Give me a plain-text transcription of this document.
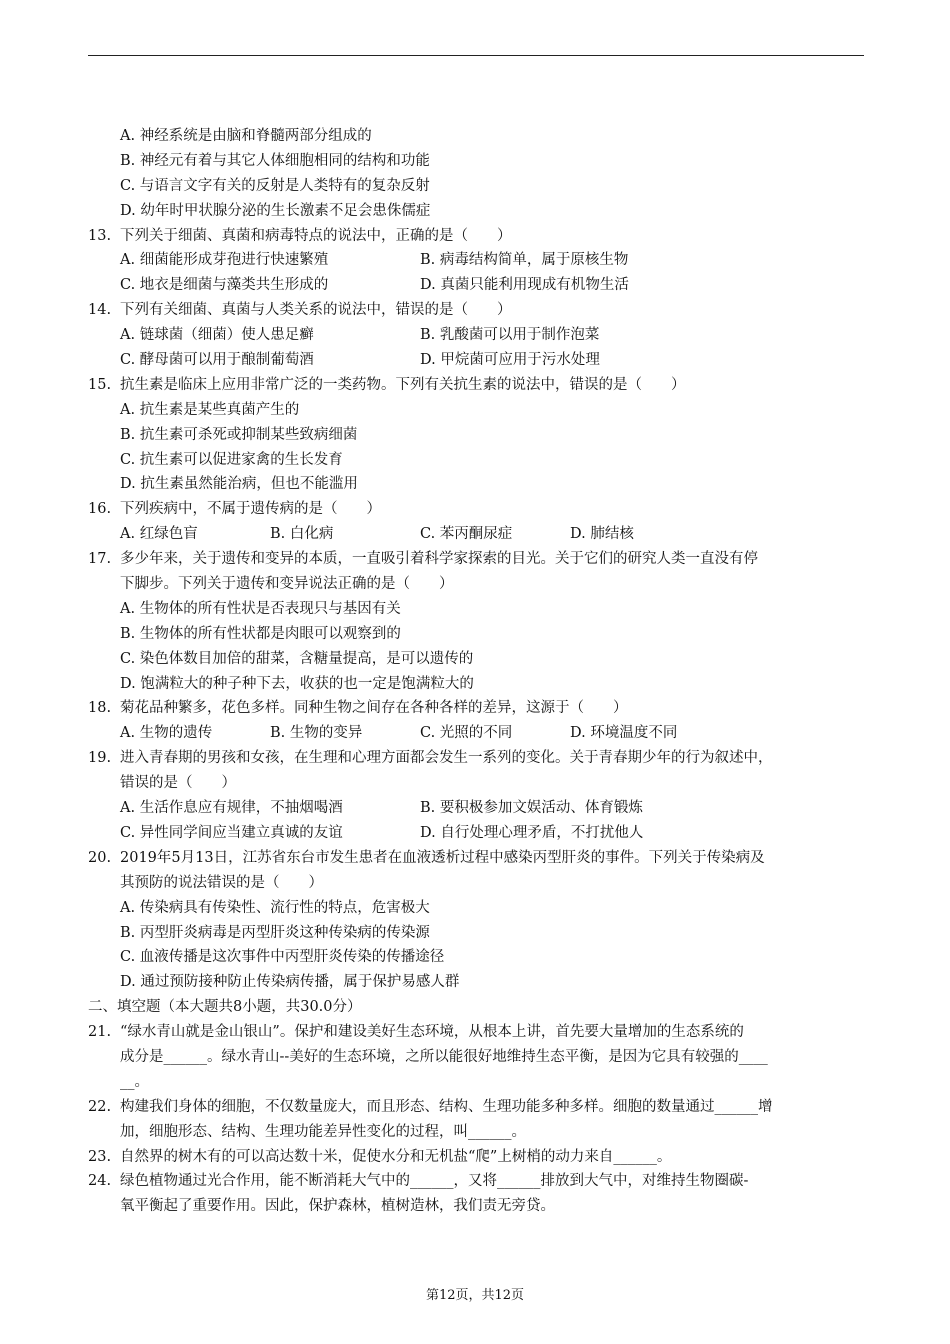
A. 神经系统是由脑和脊髓两部分组成的
B. 神经元有着与其它人体细胞相同的结构和功能
C. 与语言文字有关的反射是人类特有的复杂反射
D. 幼年时甲状腺分泌的生长激素不足会患侏儒症
13. 下列关于细菌、真菌和病毒特点的说法中，正确的是（　　）
A. 细菌能形成芽孢进行快速繁殖	B. 病毒结构简单，属于原核生物
C. 地衣是细菌与藻类共生形成的	D. 真菌只能利用现成有机物生活
14. 下列有关细菌、真菌与人类关系的说法中，错误的是（　　）
A. 链球菌（细菌）使人患足癣	B. 乳酸菌可以用于制作泡菜
C. 酵母菌可以用于酿制葡萄酒	D. 甲烷菌可应用于污水处理
15. 抗生素是临床上应用非常广泛的一类药物。下列有关抗生素的说法中，错误的是（　　）
A. 抗生素是某些真菌产生的
B. 抗生素可杀死或抑制某些致病细菌
C. 抗生素可以促进家禽的生长发育
D. 抗生素虽然能治病，但也不能滥用
16. 下列疾病中，不属于遗传病的是（　　）
A. 红绿色盲	B. 白化病	C. 苯丙酮尿症	D. 肺结核
17. 多少年来，关于遗传和变异的本质，一直吸引着科学家探索的目光。关于它们的研究人类一直没有停
下脚步。下列关于遗传和变异说法正确的是（　　）
A. 生物体的所有性状是否表现只与基因有关
B. 生物体的所有性状都是肉眼可以观察到的
C. 染色体数目加倍的甜菜，含糖量提高，是可以遗传的
D. 饱满粒大的种子种下去，收获的也一定是饱满粒大的
18. 菊花品种繁多，花色多样。同种生物之间存在各种各样的差异，这源于（　　）
A. 生物的遗传	B. 生物的变异	C. 光照的不同	D. 环境温度不同
19. 进入青春期的男孩和女孩，在生理和心理方面都会发生一系列的变化。关于青春期少年的行为叙述中，
错误的是（　　）
A. 生活作息应有规律，不抽烟喝酒	B. 要积极参加文娱活动、体育锻炼
C. 异性同学间应当建立真诚的友谊	D. 自行处理心理矛盾，不打扰他人
20. 2019年5月13日，江苏省东台市发生患者在血液透析过程中感染丙型肝炎的事件。下列关于传染病及
其预防的说法错误的是（　　）
A. 传染病具有传染性、流行性的特点，危害极大
B. 丙型肝炎病毒是丙型肝炎这种传染病的传染源
C. 血液传播是这次事件中丙型肝炎传染的传播途径
D. 通过预防接种防止传染病传播，属于保护易感人群
二、填空题（本大题共8小题，共30.0分）
21. “绿水青山就是金山银山”。保护和建设美好生态环境，从根本上讲，首先要大量增加的生态系统的
成分是______。绿水青山--美好的生态环境，之所以能很好地维持生态平衡，是因为它具有较强的____
__。
22. 构建我们身体的细胞，不仅数量庞大，而且形态、结构、生理功能多种多样。细胞的数量通过______增
加，细胞形态、结构、生理功能差异性变化的过程，叫______。
23. 自然界的树木有的可以高达数十米，促使水分和无机盐“爬”上树梢的动力来自______。
24. 绿色植物通过光合作用，能不断消耗大气中的______，又将______排放到大气中，对维持生物圈碳-
氧平衡起了重要作用。因此，保护森林，植树造林，我们责无旁贷。
第12页，共12页
